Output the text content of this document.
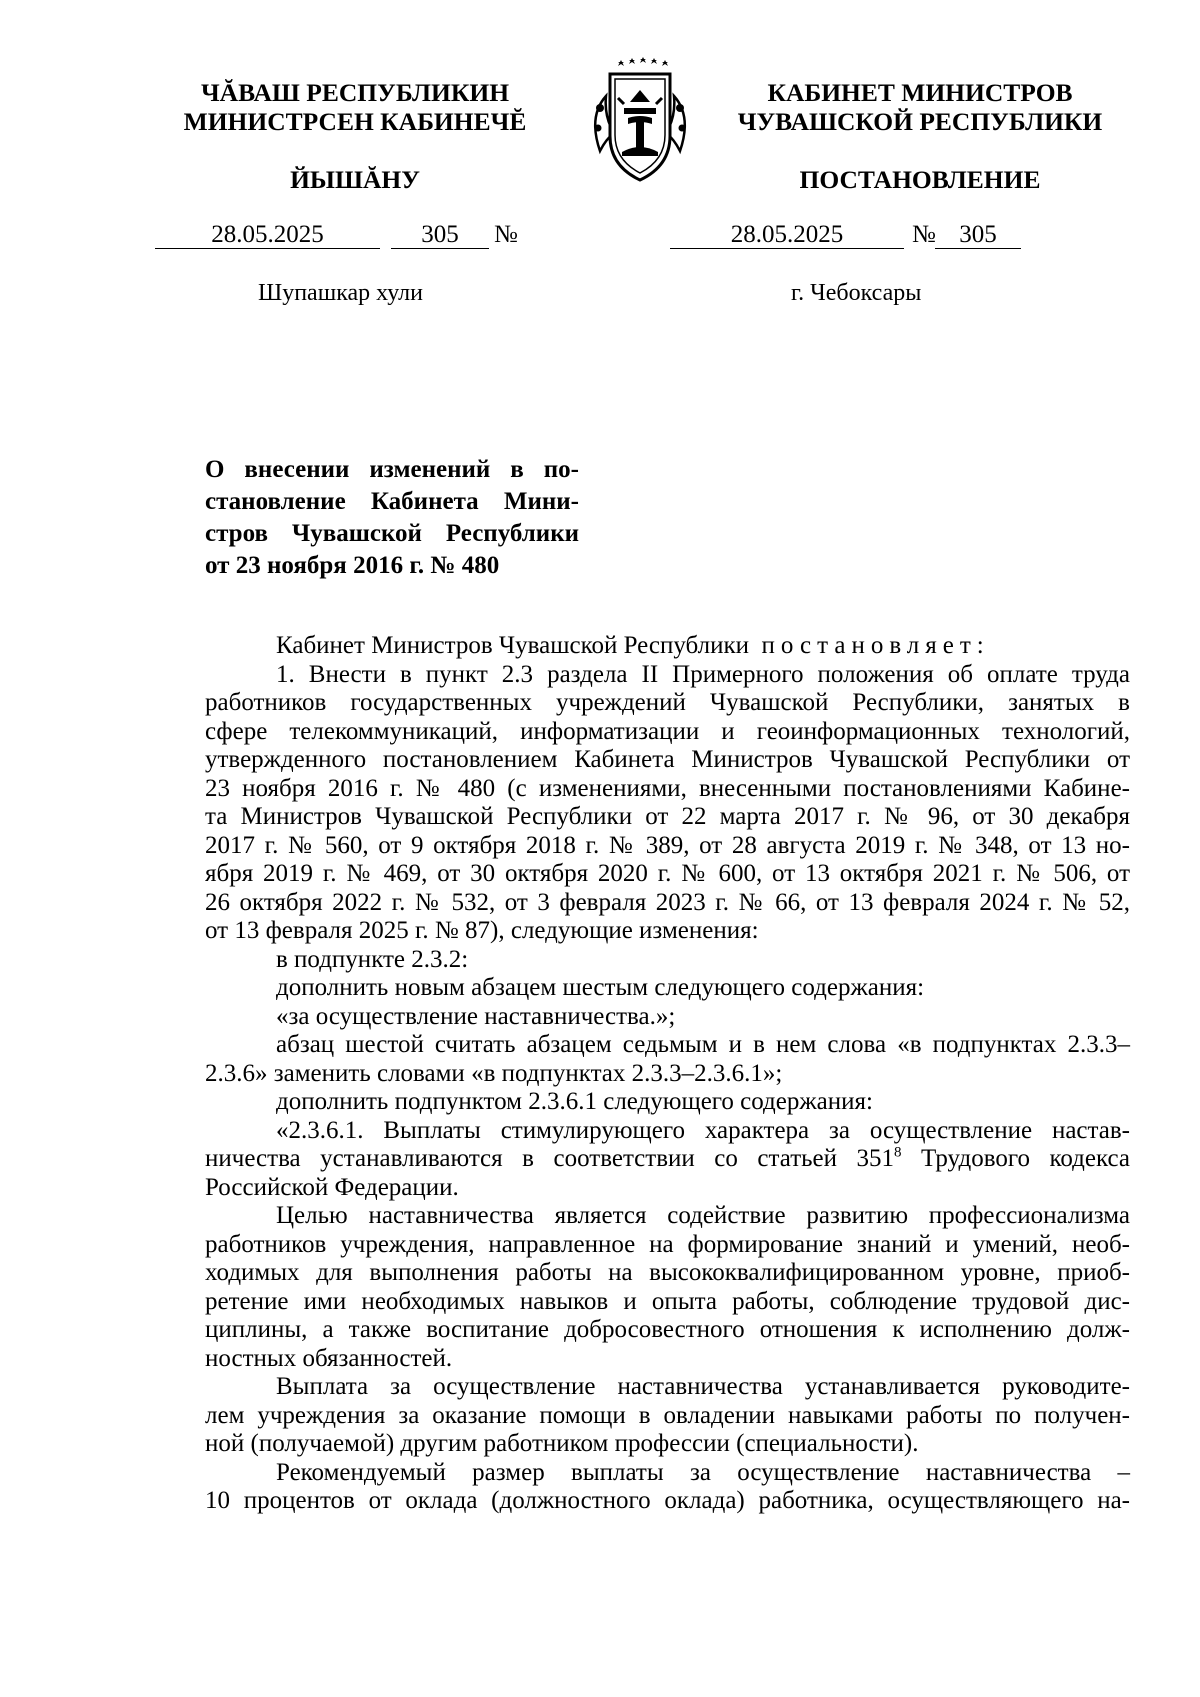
ЧĂВАШ РЕСПУБЛИКИН
МИНИСТРСЕН КАБИНЕЧĔ
ЙЫШĂНУ
КАБИНЕТ МИНИСТРОВ
ЧУВАШСКОЙ РЕСПУБЛИКИ
ПОСТАНОВЛЕНИЕ
28.05.2025	305	№	28.05.2025	№ 305
Шупашкар хули	г. Чебоксары
О внесении изменений в по-
становление Кабинета Мини-
стров Чувашской Республики
от 23 ноября 2016 г. № 480

Кабинет Министров Чувашской Республики постановляет:

1. Внести в пункт 2.3 раздела II Примерного положения об оплате труда

работников государственных учреждений Чувашской Республики, занятых в

сфере телекоммуникаций, информатизации и геоинформационных технологий,

утвержденного постановлением Кабинета Министров Чувашской Республики от

23 ноября 2016 г. № 480 (с изменениями, внесенными постановлениями Кабине-

та Министров Чувашской Республики от 22 марта 2017 г. № 96, от 30 декабря

2017 г. № 560, от 9 октября 2018 г. № 389, от 28 августа 2019 г. № 348, от 13 но-

ября 2019 г. № 469, от 30 октября 2020 г. № 600, от 13 октября 2021 г. № 506, от

26 октября 2022 г. № 532, от 3 февраля 2023 г. № 66, от 13 февраля 2024 г. № 52,

от 13 февраля 2025 г. № 87), следующие изменения:

в подпункте 2.3.2:

дополнить новым абзацем шестым следующего содержания:

«за осуществление наставничества.»;

абзац шестой считать абзацем седьмым и в нем слова «в подпунктах 2.3.3–

2.3.6» заменить словами «в подпунктах 2.3.3–2.3.6.1»;

дополнить подпунктом 2.3.6.1 следующего содержания:

«2.3.6.1. Выплаты стимулирующего характера за осуществление настав-

ничества устанавливаются в соответствии со статьей $351^8$ Трудового кодекса

Российской Федерации.

Целью наставничества является содействие развитию профессионализма

работников учреждения, направленное на формирование знаний и умений, необ-

ходимых для выполнения работы на высококвалифицированном уровне, приоб-

ретение ими необходимых навыков и опыта работы, соблюдение трудовой дис-

циплины, а также воспитание добросовестного отношения к исполнению долж-

ностных обязанностей.

Выплата за осуществление наставничества устанавливается руководите-

лем учреждения за оказание помощи в овладении навыками работы по получен-

ной (получаемой) другим работником профессии (специальности).

Рекомендуемый размер выплаты за осуществление наставничества –

10 процентов от оклада (должностного оклада) работника, осуществляющего на-
